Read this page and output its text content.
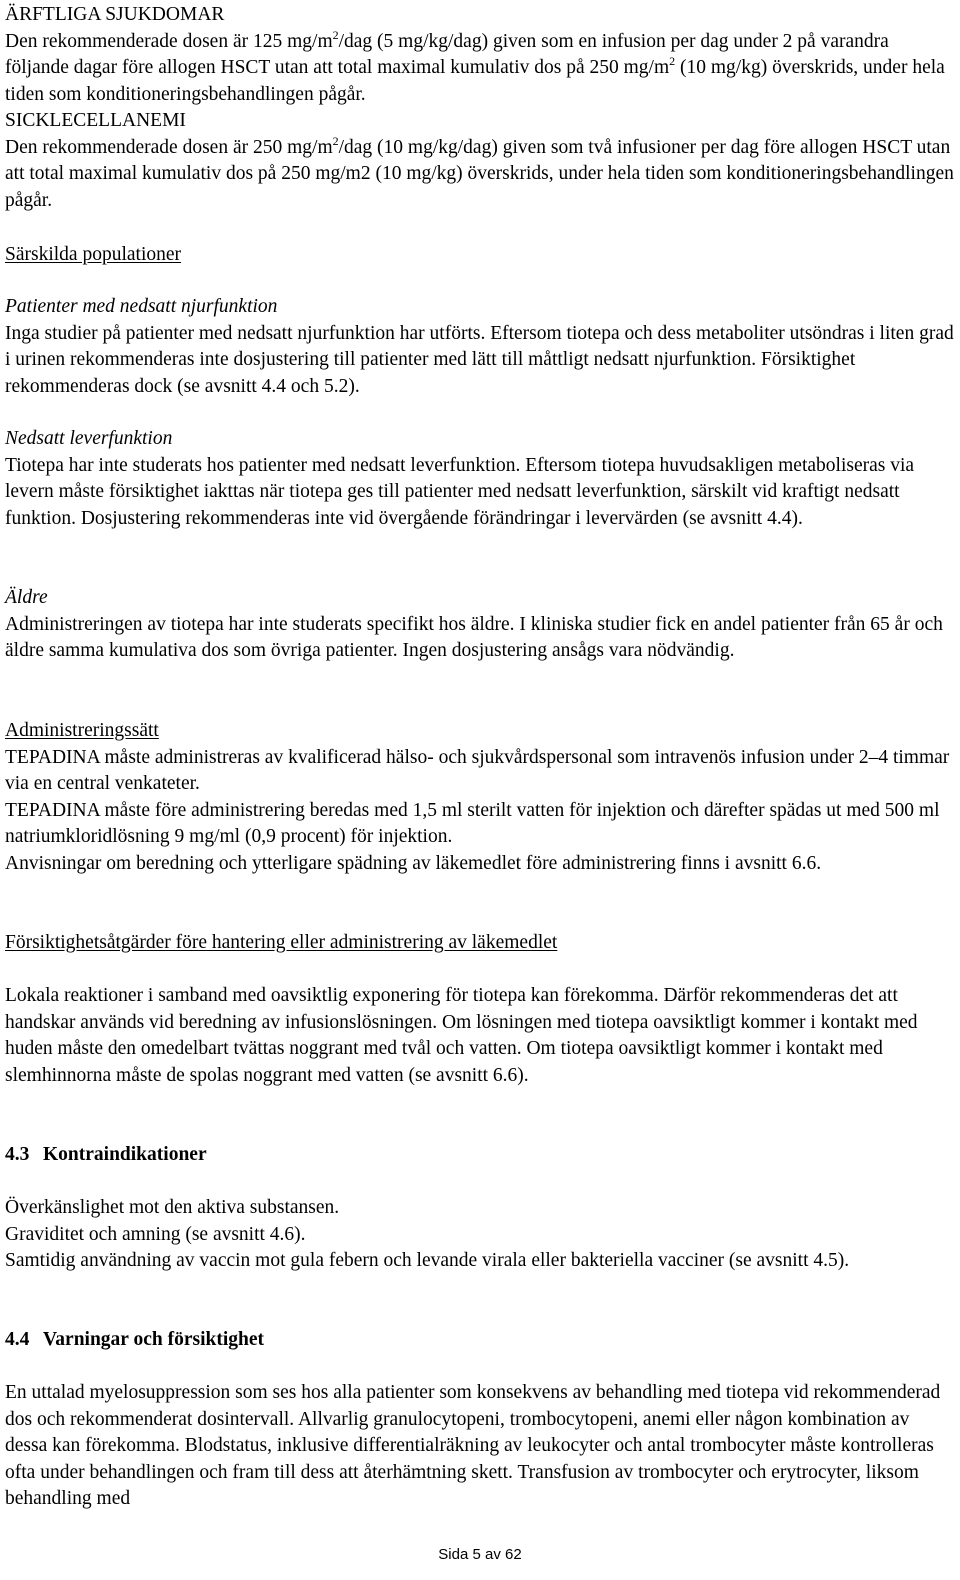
ÄRFTLIGA SJUKDOMAR
Den rekommenderade dosen är 125 $mg/m^2$/dag (5 mg/kg/dag) given som en infusion per dag under 2 på varandra följande dagar före allogen HSCT utan att total maximal kumulativ dos på 250 $mg/m^2$ (10 mg/kg) överskrids, under hela tiden som konditioneringsbehandlingen pågår.
SICKLECELLANEMI
Den rekommenderade dosen är 250 $mg/m^2$/dag (10 mg/kg/dag) given som två infusioner per dag före allogen HSCT utan att total maximal kumulativ dos på 250 mg/m2 (10 mg/kg) överskrids, under hela tiden som konditioneringsbehandlingen pågår.
Särskilda populationer
Patienter med nedsatt njurfunktion
Inga studier på patienter med nedsatt njurfunktion har utförts. Eftersom tiotepa och dess metaboliter utsöndras i liten grad i urinen rekommenderas inte dosjustering till patienter med lätt till måttligt nedsatt njurfunktion. Försiktighet rekommenderas dock (se avsnitt 4.4 och 5.2).
Nedsatt leverfunktion
Tiotepa har inte studerats hos patienter med nedsatt leverfunktion. Eftersom tiotepa huvudsakligen metaboliseras via levern måste försiktighet iakttas när tiotepa ges till patienter med nedsatt leverfunktion, särskilt vid kraftigt nedsatt funktion. Dosjustering rekommenderas inte vid övergående förändringar i levervärden (se avsnitt 4.4).
Äldre
Administreringen av tiotepa har inte studerats specifikt hos äldre. I kliniska studier fick en andel patienter från 65 år och äldre samma kumulativa dos som övriga patienter. Ingen dosjustering ansågs vara nödvändig.
Administreringssätt
TEPADINA måste administreras av kvalificerad hälso- och sjukvårdspersonal som intravenös infusion under 2–4 timmar via en central venkateter.
TEPADINA måste före administrering beredas med 1,5 ml sterilt vatten för injektion och därefter spädas ut med 500 ml natriumkloridlösning 9 mg/ml (0,9 procent) för injektion.
Anvisningar om beredning och ytterligare spädning av läkemedlet före administrering finns i avsnitt 6.6.
Försiktighetsåtgärder före hantering eller administrering av läkemedlet
Lokala reaktioner i samband med oavsiktlig exponering för tiotepa kan förekomma. Därför rekommenderas det att handskar används vid beredning av infusionslösningen. Om lösningen med tiotepa oavsiktligt kommer i kontakt med huden måste den omedelbart tvättas noggrant med tvål och vatten. Om tiotepa oavsiktligt kommer i kontakt med slemhinnorna måste de spolas noggrant med vatten (se avsnitt 6.6).
4.3 Kontraindikationer
Överkänslighet mot den aktiva substansen.
Graviditet och amning (se avsnitt 4.6).
Samtidig användning av vaccin mot gula febern och levande virala eller bakteriella vacciner (se avsnitt 4.5).
4.4 Varningar och försiktighet
En uttalad myelosuppression som ses hos alla patienter som konsekvens av behandling med tiotepa vid rekommenderad dos och rekommenderat dosintervall. Allvarlig granulocytopeni, trombocytopeni, anemi eller någon kombination av dessa kan förekomma. Blodstatus, inklusive differentialräkning av leukocyter och antal trombocyter måste kontrolleras ofta under behandlingen och fram till dess att återhämtning skett. Transfusion av trombocyter och erytrocyter, liksom behandling med
Sida 5 av 62
